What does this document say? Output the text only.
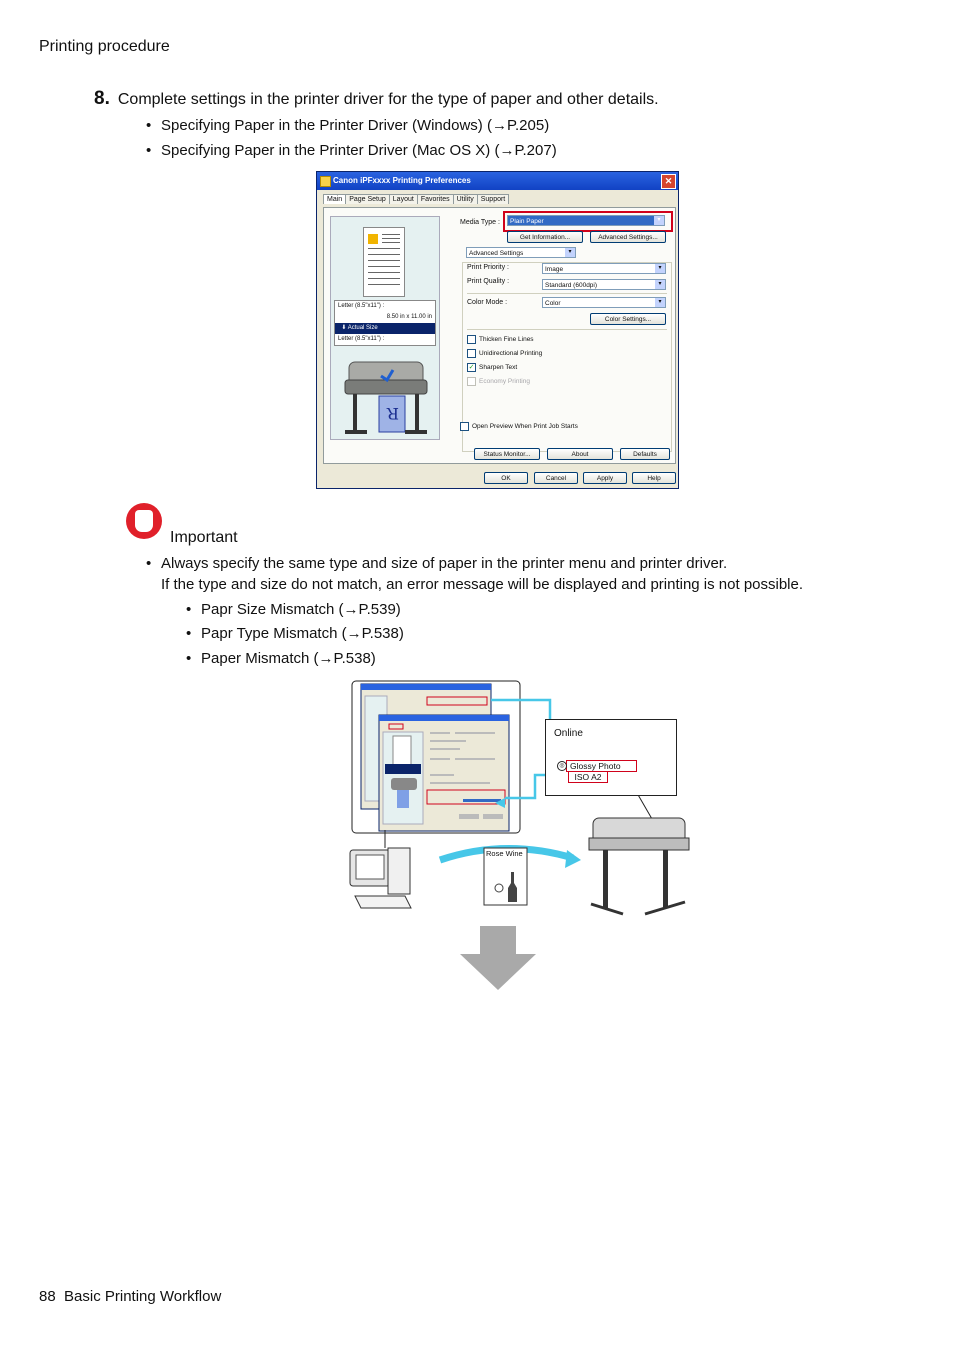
Printing procedure
8. Complete settings in the printer driver for the type of paper and other details.
• Specifying Paper in the Printer Driver (Windows) (→P.205)
• Specifying Paper in the Printer Driver (Mac OS X) (→P.207)
Canon iPFxxxx Printing Preferences	✕
Main Page Setup Layout Favorites Utility Support
Letter (8.5"x11") :
8.50 in x 11.00 in
⬇ Actual Size
Letter (8.5"x11") :
R
Media Type :	Plain Paper	▾
Get Information...	Advanced Settings...
Advanced Settings	▾
Print Priority :	Image	▾
Print Quality :
Standard (600dpi)	▾
Color Mode :	Color	▾
Color Settings...
Thicken Fine Lines
Unidirectional Printing
✓ Sharpen Text
Economy Printing
Open Preview When Print Job Starts
Status Monitor...	About	Defaults
OK	Cancel	Apply	Help
Important
• Always specify the same type and size of paper in the printer menu and printer driver.
If the type and size do not match, an error message will be displayed and printing is not possible.
• Papr Size Mismatch (→P.539)
• Papr Type Mismatch (→P.538)
• Paper Mismatch (→P.538)
Online
◎ Glossy Photo
ISO A2
Rose Wine
88 Basic Printing Workflow
